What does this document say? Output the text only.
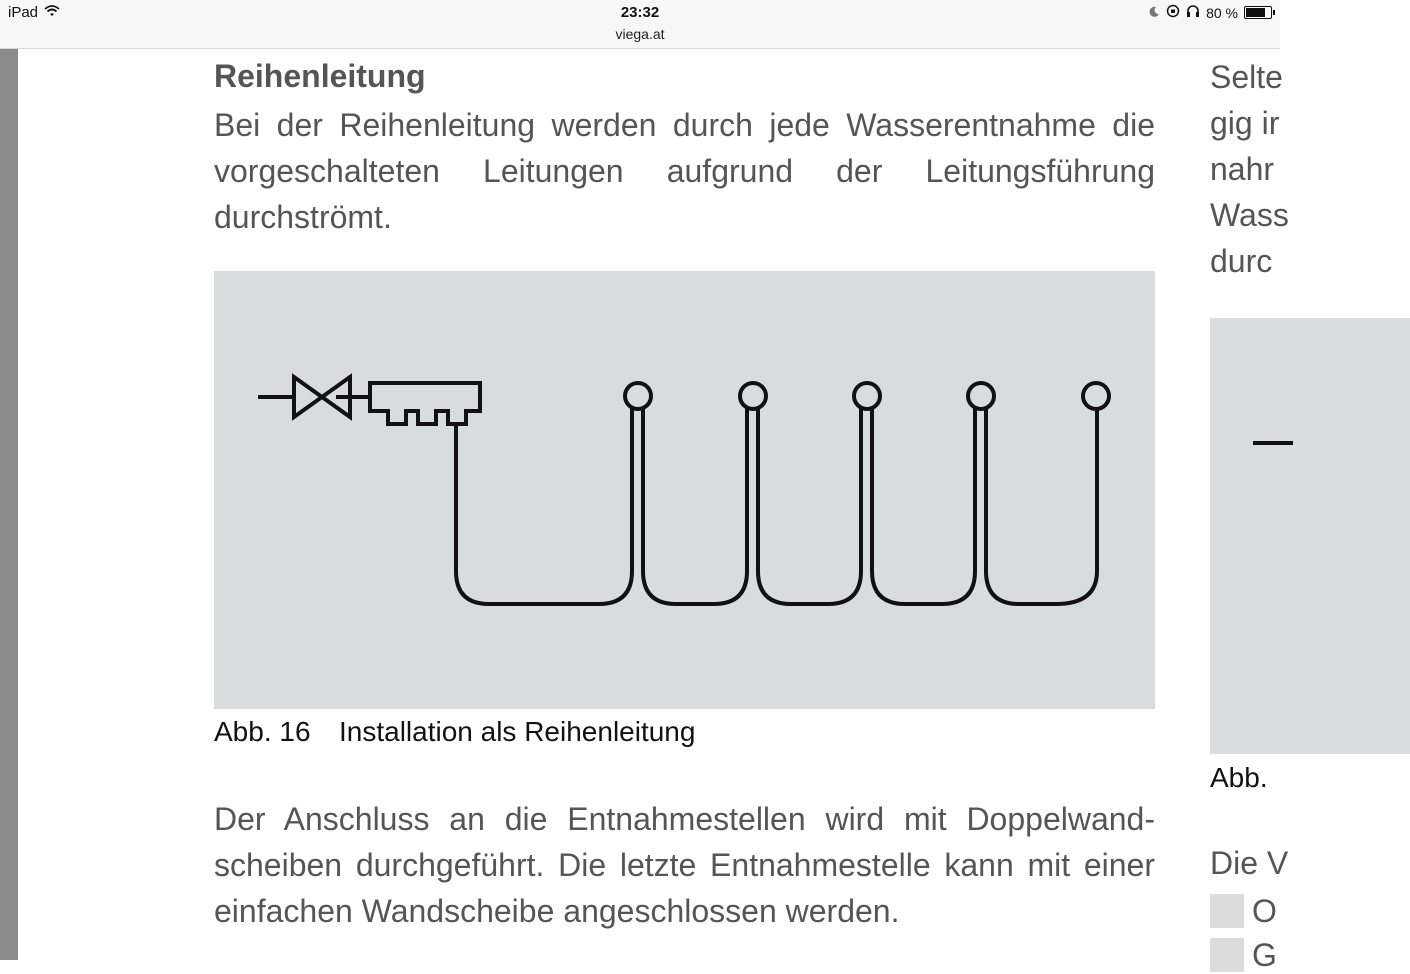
iPad	23:32
viega.at
80 %
Reihenleitung

Bei der Reihenleitung werden durch jede Wasserentnahme die vorgeschalteten Leitungen aufgrund der Leitungsführung durchströmt.

Abb. 16 Installation als Reihenleitung

Der Anschluss an die Entnahmestellen wird mit Doppelwandscheiben durchgeführt. Die letzte Entnahmestelle kann mit einer einfachen Wandscheibe angeschlossen werden.

Selte
gig ir
nahr
Wass
durc
Abb.
Die V
O
G
